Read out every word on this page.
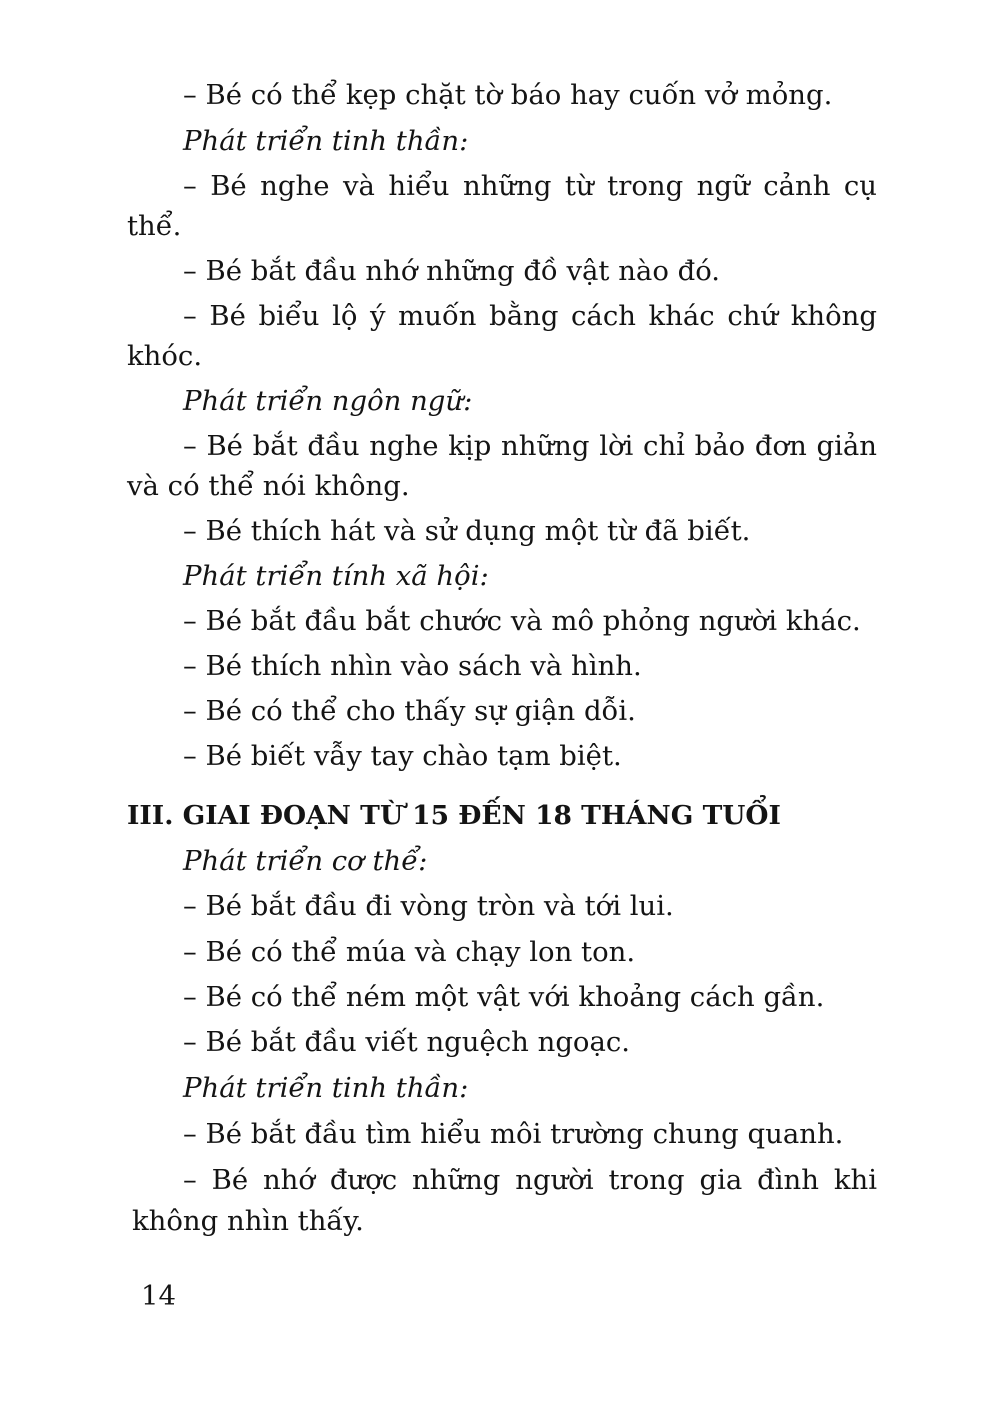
– Bé có thể kẹp chặt tờ báo hay cuốn vở mỏng.
Phát triển tinh thần:
– Bé nghe và hiểu những từ trong ngữ cảnh cụ
thể.
– Bé bắt đầu nhớ những đồ vật nào đó.
– Bé biểu lộ ý muốn bằng cách khác chứ không
khóc.
Phát triển ngôn ngữ:
– Bé bắt đầu nghe kịp những lời chỉ bảo đơn giản
và có thể nói không.
– Bé thích hát và sử dụng một từ đã biết.
Phát triển tính xã hội:
– Bé bắt đầu bắt chước và mô phỏng người khác.
– Bé thích nhìn vào sách và hình.
– Bé có thể cho thấy sự giận dỗi.
– Bé biết vẫy tay chào tạm biệt.
III. GIAI ĐOẠN TỪ 15 ĐẾN 18 THÁNG TUỔI
Phát triển cơ thể:
– Bé bắt đầu đi vòng tròn và tới lui.
– Bé có thể múa và chạy lon ton.
– Bé có thể ném một vật với khoảng cách gần.
– Bé bắt đầu viết nguệch ngoạc.
Phát triển tinh thần:
– Bé bắt đầu tìm hiểu môi trường chung quanh.
– Bé nhớ được những người trong gia đình khi
không nhìn thấy.
14
